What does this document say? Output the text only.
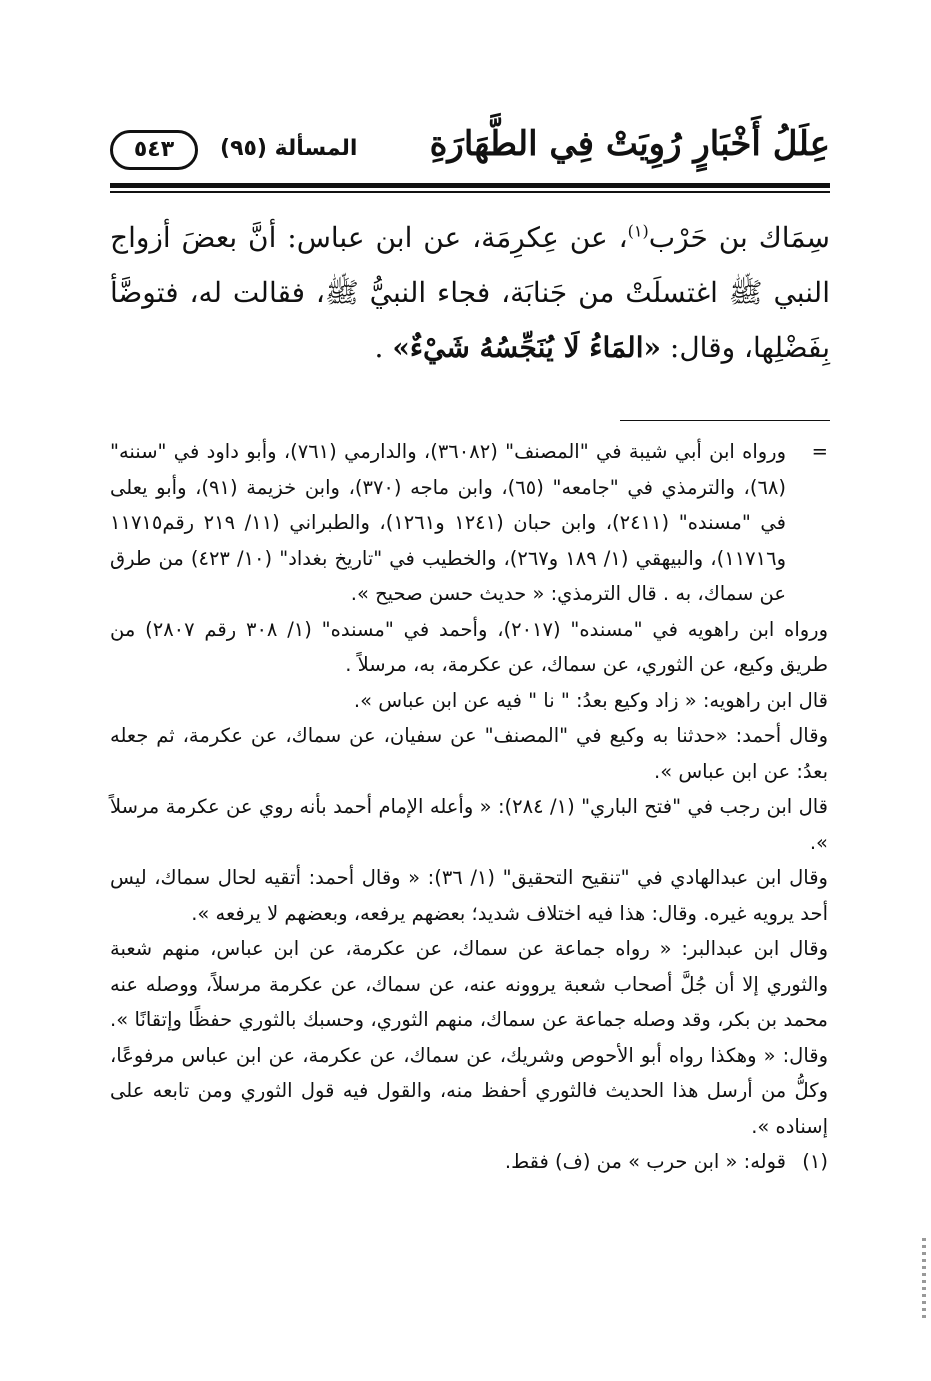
عِلَلُ أَخْبَارٍ رُوِيَتْ فِي الطَّهَارَةِ
المسألة (٩٥)
٥٤٣
سِمَاك بن حَرْب$^{(١)}$، عن عِكرِمَة، عن ابن عباس: أنَّ بعضَ أزواج النبي ﷺ اغتسلَتْ من جَنابَة، فجاء النبيُّ ﷺ، فقالت له، فتوضَّأ بِفَضْلِها، وقال: «المَاءُ لَا يُنَجِّسُهُ شَيْءٌ» .

=
ورواه ابن أبي شيبة في "المصنف" (٣٦٠٨٢)، والدارمي (٧٦١)، وأبو داود في "سننه" (٦٨)، والترمذي في "جامعه" (٦٥)، وابن ماجه (٣٧٠)، وابن خزيمة (٩١)، وأبو يعلى في "مسنده" (٢٤١١)، وابن حبان (١٢٤١ و١٢٦١)، والطبراني (١١/ ٢١٩ رقم١١٧١٥ و١١٧١٦)، والبيهقي (١/ ١٨٩ و٢٦٧)، والخطيب في "تاريخ بغداد" (١٠/ ٤٢٣) من طرق عن سماك، به . قال الترمذي: « حديث حسن صحيح ».

ورواه ابن راهويه في "مسنده" (٢٠١٧)، وأحمد في "مسنده" (١/ ٣٠٨ رقم ٢٨٠٧) من طريق وكيع، عن الثوري، عن سماك، عن عكرمة، به، مرسلاً .

قال ابن راهويه: « زاد وكيع بعدُ: " نا " فيه عن ابن عباس ».

وقال أحمد: «حدثنا به وكيع في "المصنف" عن سفيان، عن سماك، عن عكرمة، ثم جعله بعدُ: عن ابن عباس ».

قال ابن رجب في "فتح الباري" (١/ ٢٨٤): « وأعله الإمام أحمد بأنه روي عن عكرمة مرسلاً ».

وقال ابن عبدالهادي في "تنقيح التحقيق" (١/ ٣٦): « وقال أحمد: أتقيه لحال سماك، ليس أحد يرويه غيره. وقال: هذا فيه اختلاف شديد؛ بعضهم يرفعه، وبعضهم لا يرفعه ».

وقال ابن عبدالبر: « رواه جماعة عن سماك، عن عكرمة، عن ابن عباس، منهم شعبة والثوري إلا أن جُلَّ أصحاب شعبة يروونه عنه، عن سماك، عن عكرمة مرسلاً، ووصله عنه محمد بن بكر، وقد وصله جماعة عن سماك، منهم الثوري، وحسبك بالثوري حفظًا وإتقانًا ». وقال: « وهكذا رواه أبو الأحوص وشريك، عن سماك، عن عكرمة، عن ابن عباس مرفوعًا، وكلُّ من أرسل هذا الحديث فالثوري أحفظ منه، والقول فيه قول الثوري ومن تابعه على إسناده ».

(١)
قوله: « ابن حرب » من (ف) فقط.
